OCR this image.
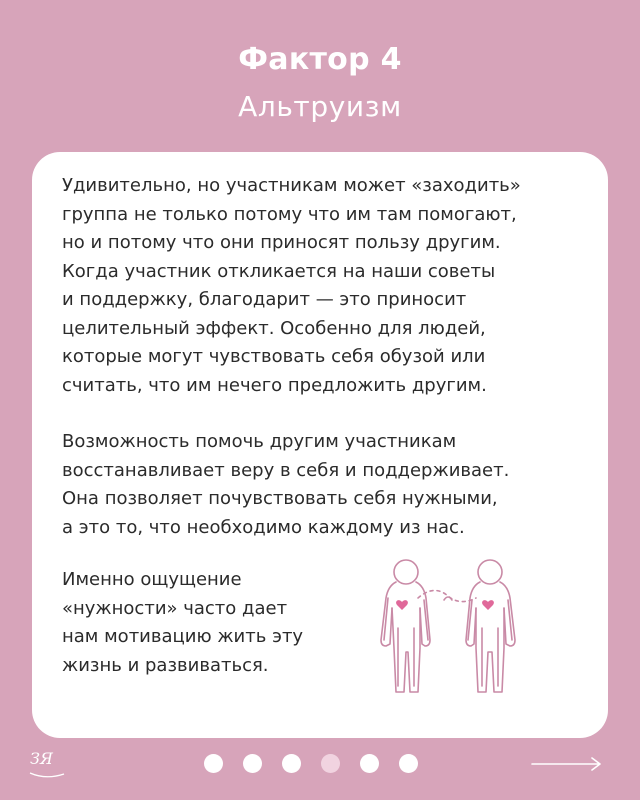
Фактор 4
Альтруизм

Удивительно, но участникам может «заходить»
группа не только потому что им там помогают,
но и потому что они приносят пользу другим.
Когда участник откликается на наши советы
и поддержку, благодарит — это приносит
целительный эффект. Особенно для людей,
которые могут чувствовать себя обузой или
считать, что им нечего предложить другим.

Возможность помочь другим участникам
восстанавливает веру в себя и поддерживает.
Она позволяет почувствовать себя нужными,
а это то, что необходимо каждому из нас.

Именно ощущение
«нужности» часто дает
нам мотивацию жить эту
жизнь и развиваться.

ЗЯ
